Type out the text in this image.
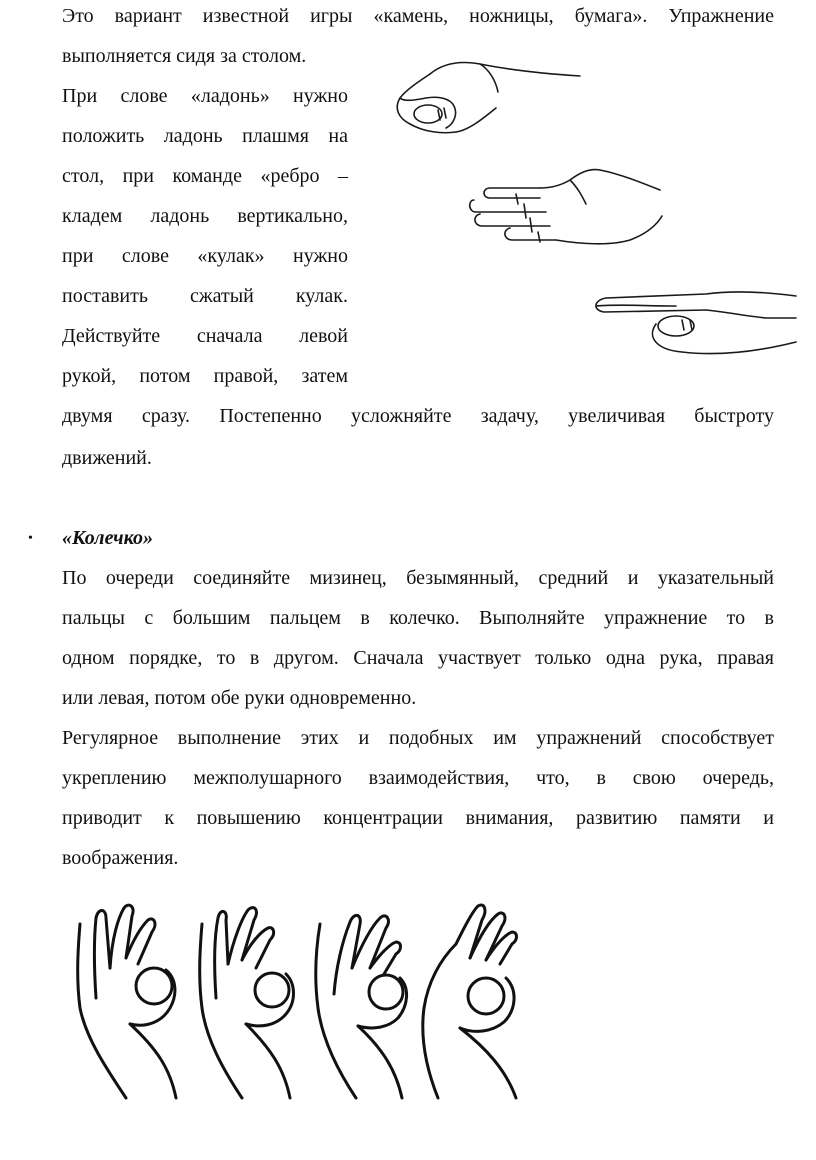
Это вариант известной игры «камень, ножницы, бумага». Упражнение
выполняется сидя за столом.
При слове «ладонь» нужно
положить ладонь плашмя на
стол, при команде «ребро –
кладем ладонь вертикально,
при слове «кулак» нужно
поставить сжатый кулак.
Действуйте сначала левой
рукой, потом правой, затем
двумя сразу. Постепенно усложняйте задачу, увеличивая быстроту
движений.
• «Колечко»
По очереди соединяйте мизинец, безымянный, средний и указательный
пальцы с большим пальцем в колечко. Выполняйте упражнение то в
одном порядке, то в другом. Сначала участвует только одна рука, правая
или левая, потом обе руки одновременно.
Регулярное выполнение этих и подобных им упражнений способствует
укреплению межполушарного взаимодействия, что, в свою очередь,
приводит к повышению концентрации внимания, развитию памяти и
воображения.
